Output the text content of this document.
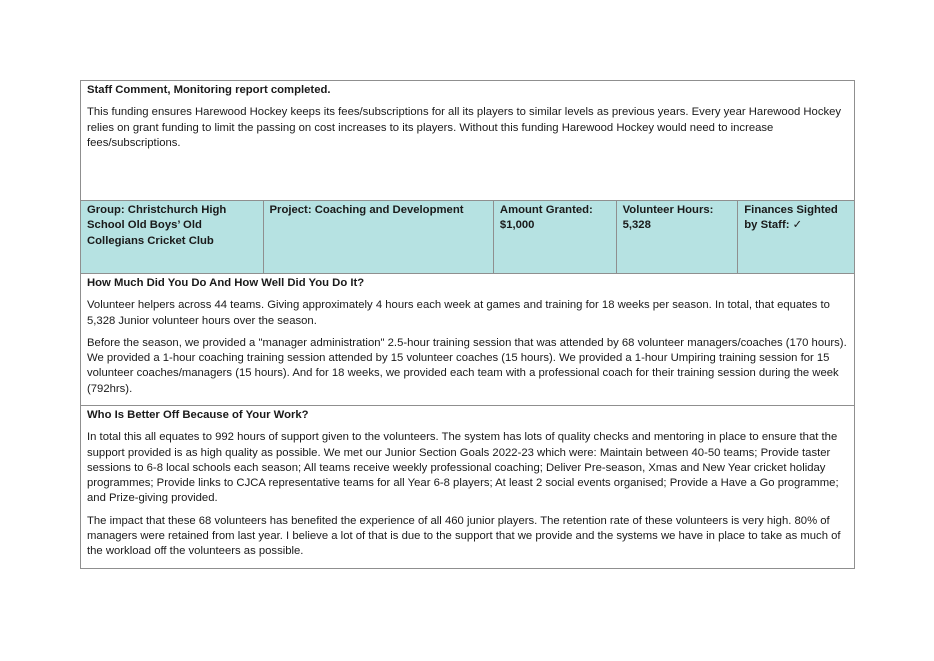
Staff Comment, Monitoring report completed.

This funding ensures Harewood Hockey keeps its fees/subscriptions for all its players to similar levels as previous years. Every year Harewood Hockey relies on grant funding to limit the passing on cost increases to its players. Without this funding Harewood Hockey would need to increase fees/subscriptions.

Group: Christchurch High School Old Boys’ Old Collegians Cricket Club
Project: Coaching and Development	Amount Granted:
$1,000
Volunteer Hours:
5,328
Finances Sighted by Staff: ✓
How Much Did You Do And How Well Did You Do It?

Volunteer helpers across 44 teams. Giving approximately 4 hours each week at games and training for 18 weeks per season. In total, that equates to 5,328 Junior volunteer hours over the season.

Before the season, we provided a "manager administration" 2.5-hour training session that was attended by 68 volunteer managers/coaches (170 hours). We provided a 1-hour coaching training session attended by 15 volunteer coaches (15 hours). We provided a 1-hour Umpiring training session for 15 volunteer coaches/managers (15 hours). And for 18 weeks, we provided each team with a professional coach for their training session during the week (792hrs).

Who Is Better Off Because of Your Work?

In total this all equates to 992 hours of support given to the volunteers. The system has lots of quality checks and mentoring in place to ensure that the support provided is as high quality as possible. We met our Junior Section Goals 2022-23 which were: Maintain between 40-50 teams; Provide taster sessions to 6-8 local schools each season; All teams receive weekly professional coaching; Deliver Pre-season, Xmas and New Year cricket holiday programmes; Provide links to CJCA representative teams for all Year 6-8 players; At least 2 social events organised; Provide a Have a Go programme; and Prize-giving provided.

The impact that these 68 volunteers has benefited the experience of all 460 junior players. The retention rate of these volunteers is very high. 80% of managers were retained from last year. I believe a lot of that is due to the support that we provide and the systems we have in place to take as much of the workload off the volunteers as possible.
